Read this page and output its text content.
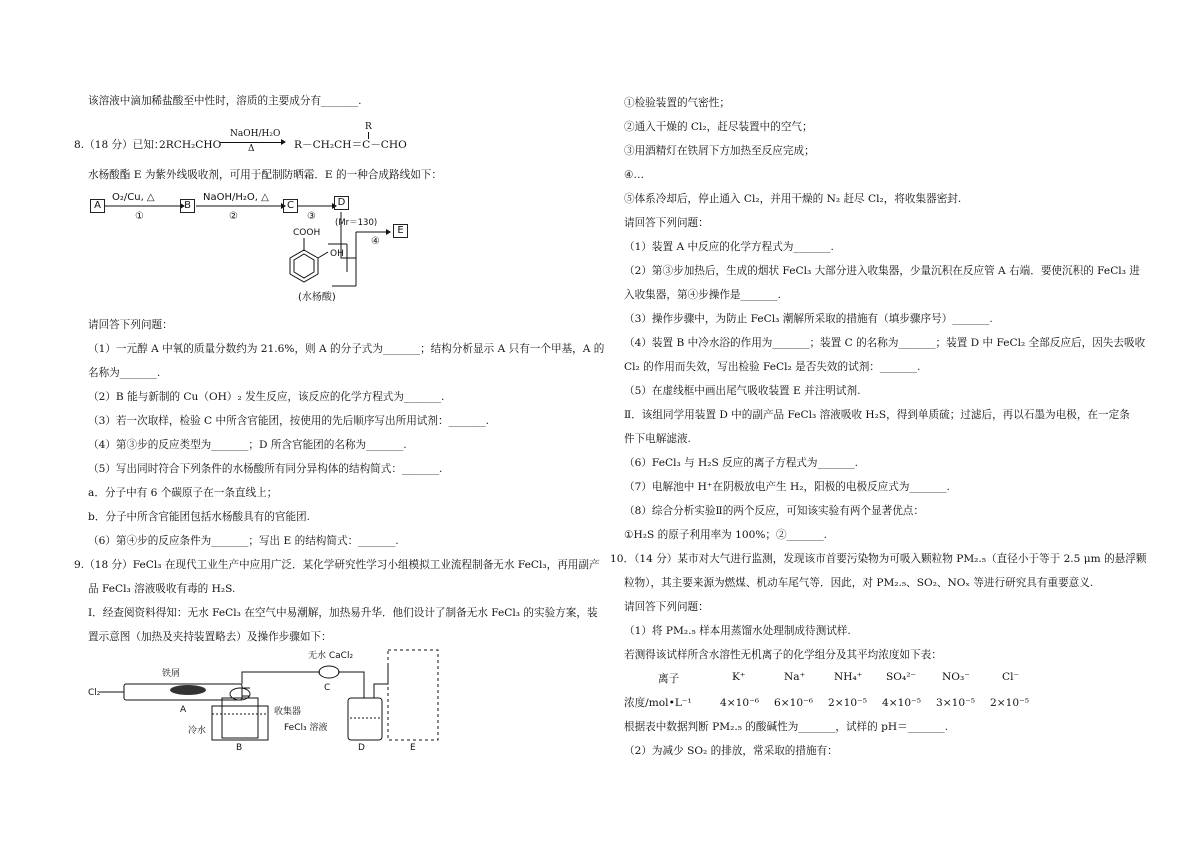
该溶液中滴加稀盐酸至中性时，溶质的主要成分有_______.
8.（18 分）已知：
2RCH₂CHO
NaOH/H₂O
Δ	R－CH₂CH＝C－CHO
R
水杨酸酯 E 为紫外线吸收剂，可用于配制防晒霜．E 的一种合成路线如下：
O₂/Cu, △
①
NaOH/H₂O, △
②	③
(Mr＝130)
④
COOH
OH
(水杨酸)
A	B	C	D
E
请回答下列问题：
（1）一元醇 A 中氧的质量分数约为 21.6%，则 A 的分子式为_______；结构分析显示 A 只有一个甲基，A 的
名称为_______.
（2）B 能与新制的 Cu（OH）₂ 发生反应，该反应的化学方程式为_______.
（3）若一次取样，检验 C 中所含官能团，按使用的先后顺序写出所用试剂：_______.
（4）第③步的反应类型为_______；D 所含官能团的名称为_______.
（5）写出同时符合下列条件的水杨酸所有同分异构体的结构简式：_______.
a．分子中有 6 个碳原子在一条直线上；
b．分子中所含官能团包括水杨酸具有的官能团.
（6）第④步的反应条件为_______；写出 E 的结构简式：_______.
9.（18 分）FeCl₃ 在现代工业生产中应用广泛．某化学研究性学习小组模拟工业流程制备无水 FeCl₃，再用副产
品 FeCl₃ 溶液吸收有毒的 H₂S.
Ⅰ．经查阅资料得知：无水 FeCl₃ 在空气中易潮解，加热易升华．他们设计了制备无水 FeCl₃ 的实验方案，装
置示意图（加热及夹持装置略去）及操作步骤如下：
Cl₂
铁屑
A	收集器
冷水
B
无水 CaCl₂
C
FeCl₃ 溶液
D	E
①检验装置的气密性；
②通入干燥的 Cl₂，赶尽装置中的空气；
③用酒精灯在铁屑下方加热至反应完成；
④…
⑤体系冷却后，停止通入 Cl₂，并用干燥的 N₂ 赶尽 Cl₂，将收集器密封.
请回答下列问题：
（1）装置 A 中反应的化学方程式为_______.
（2）第③步加热后，生成的烟状 FeCl₃ 大部分进入收集器，少量沉积在反应管 A 右端．要使沉积的 FeCl₃ 进
入收集器，第④步操作是_______.
（3）操作步骤中，为防止 FeCl₃ 潮解所采取的措施有（填步骤序号）_______.
（4）装置 B 中冷水浴的作用为_______；装置 C 的名称为_______；装置 D 中 FeCl₂ 全部反应后，因失去吸收
Cl₂ 的作用而失效，写出检验 FeCl₂ 是否失效的试剂：_______.
（5）在虚线框中画出尾气吸收装置 E 并注明试剂.
Ⅱ．该组同学用装置 D 中的副产品 FeCl₃ 溶液吸收 H₂S，得到单质硫；过滤后，再以石墨为电极，在一定条
件下电解滤液.
（6）FeCl₃ 与 H₂S 反应的离子方程式为_______.
（7）电解池中 H⁺在阴极放电产生 H₂，阳极的电极反应式为_______.
（8）综合分析实验Ⅱ的两个反应，可知该实验有两个显著优点：
①H₂S 的原子利用率为 100%；②_______.
10．（14 分）某市对大气进行监测，发现该市首要污染物为可吸入颗粒物 PM₂.₅（直径小于等于 2.5 μm 的悬浮颗
粒物），其主要来源为燃煤、机动车尾气等．因此，对 PM₂.₅、SO₂、NOₓ 等进行研究具有重要意义.
请回答下列问题：
（1）将 PM₂.₅ 样本用蒸馏水处理制成待测试样.
若测得该试样所含水溶性无机离子的化学组分及其平均浓度如下表：
离子	K⁺	Na⁺	NH₄⁺ SO₄²⁻ NO₃⁻	Cl⁻
浓度/mol•L⁻¹	4×10⁻⁶ 6×10⁻⁶ 2×10⁻⁵ 4×10⁻⁵ 3×10⁻⁵ 2×10⁻⁵
根据表中数据判断 PM₂.₅ 的酸碱性为_______，试样的 pH＝_______.
（2）为减少 SO₂ 的排放，常采取的措施有：
